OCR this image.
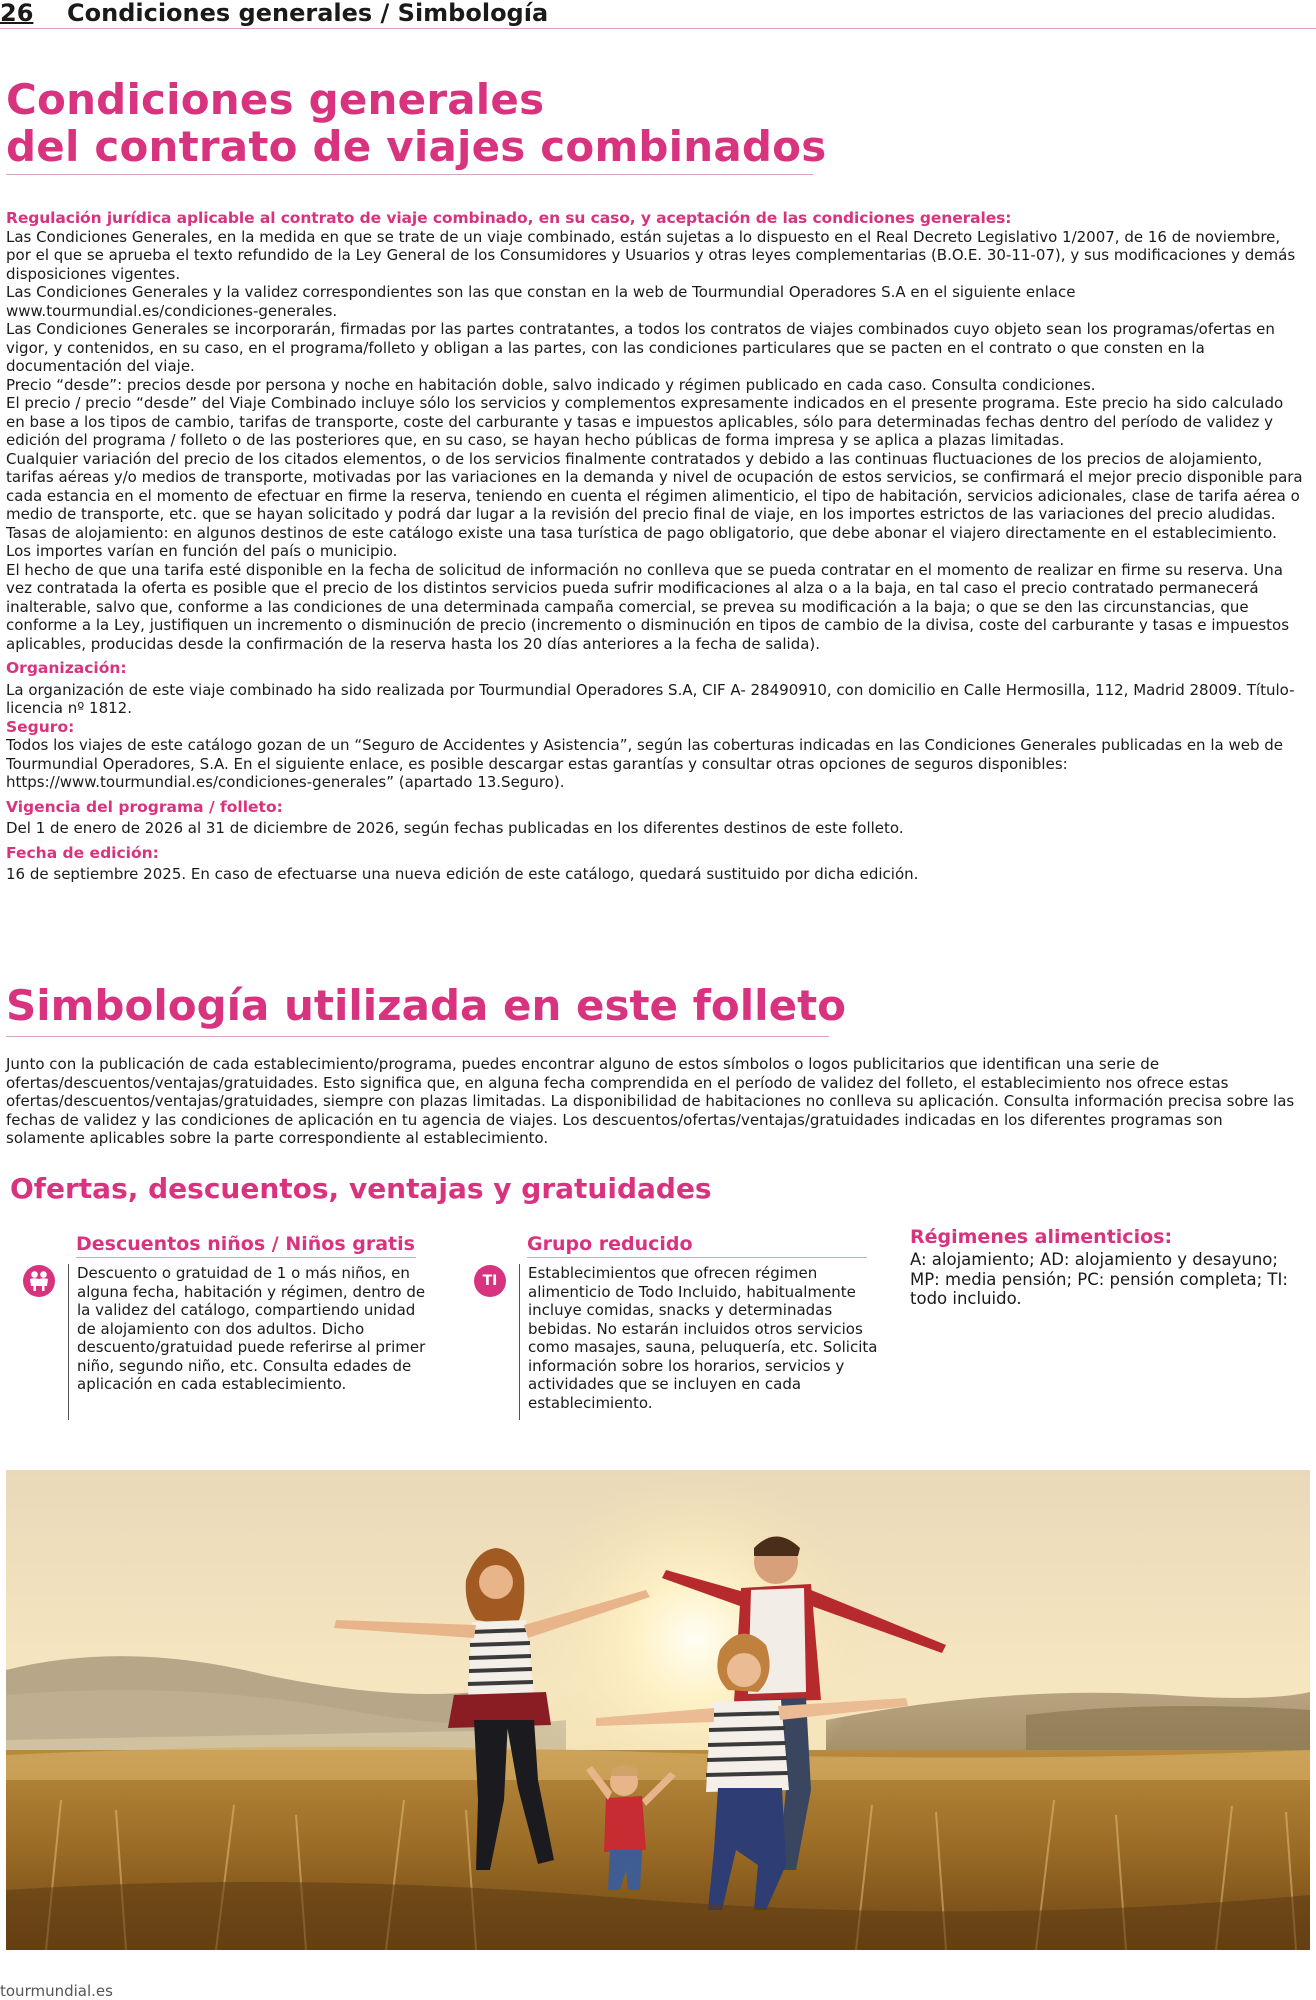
26 Condiciones generales / Simbología
Condiciones generales
del contrato de viajes combinados

Regulación jurídica aplicable al contrato de viaje combinado, en su caso, y aceptación de las condiciones generales:

Las Condiciones Generales, en la medida en que se trate de un viaje combinado, están sujetas a lo dispuesto en el Real Decreto Legislativo 1/2007, de 16 de noviembre, por el que se aprueba el texto refundido de la Ley General de los Consumidores y Usuarios y otras leyes complementarias (B.O.E. 30-11-07), y sus modificaciones y demás disposiciones vigentes.

Las Condiciones Generales y la validez correspondientes son las que constan en la web de Tourmundial Operadores S.A en el siguiente enlace www.tourmundial.es/condiciones-generales.

Las Condiciones Generales se incorporarán, firmadas por las partes contratantes, a todos los contratos de viajes combinados cuyo objeto sean los programas/ofertas en vigor, y contenidos, en su caso, en el programa/folleto y obligan a las partes, con las condiciones particulares que se pacten en el contrato o que consten en la documentación del viaje.

Precio “desde”: precios desde por persona y noche en habitación doble, salvo indicado y régimen publicado en cada caso. Consulta condiciones.

El precio / precio “desde” del Viaje Combinado incluye sólo los servicios y complementos expresamente indicados en el presente programa. Este precio ha sido calculado en base a los tipos de cambio, tarifas de transporte, coste del carburante y tasas e impuestos aplicables, sólo para determinadas fechas dentro del período de validez y edición del programa / folleto o de las posteriores que, en su caso, se hayan hecho públicas de forma impresa y se aplica a plazas limitadas.

Cualquier variación del precio de los citados elementos, o de los servicios finalmente contratados y debido a las continuas fluctuaciones de los precios de alojamiento, tarifas aéreas y/o medios de transporte, motivadas por las variaciones en la demanda y nivel de ocupación de estos servicios, se confirmará el mejor precio disponible para cada estancia en el momento de efectuar en firme la reserva, teniendo en cuenta el régimen alimenticio, el tipo de habitación, servicios adicionales, clase de tarifa aérea o medio de transporte, etc. que se hayan solicitado y podrá dar lugar a la revisión del precio final de viaje, en los importes estrictos de las variaciones del precio aludidas.

Tasas de alojamiento: en algunos destinos de este catálogo existe una tasa turística de pago obligatorio, que debe abonar el viajero directamente en el establecimiento. Los importes varían en función del país o municipio.

El hecho de que una tarifa esté disponible en la fecha de solicitud de información no conlleva que se pueda contratar en el momento de realizar en firme su reserva. Una vez contratada la oferta es posible que el precio de los distintos servicios pueda sufrir modificaciones al alza o a la baja, en tal caso el precio contratado permanecerá inalterable, salvo que, conforme a las condiciones de una determinada campaña comercial, se prevea su modificación a la baja; o que se den las circunstancias, que conforme a la Ley, justifiquen un incremento o disminución de precio (incremento o disminución en tipos de cambio de la divisa, coste del carburante y tasas e impuestos aplicables, producidas desde la confirmación de la reserva hasta los 20 días anteriores a la fecha de salida).

Organización:

La organización de este viaje combinado ha sido realizada por Tourmundial Operadores S.A, CIF A- 28490910, con domicilio en Calle Hermosilla, 112, Madrid 28009. Título-licencia nº 1812.

Seguro:

Todos los viajes de este catálogo gozan de un “Seguro de Accidentes y Asistencia”, según las coberturas indicadas en las Condiciones Generales publicadas en la web de Tourmundial Operadores, S.A. En el siguiente enlace, es posible descargar estas garantías y consultar otras opciones de seguros disponibles: https://www.tourmundial.es/condiciones-generales” (apartado 13.Seguro).

Vigencia del programa / folleto:

Del 1 de enero de 2026 al 31 de diciembre de 2026, según fechas publicadas en los diferentes destinos de este folleto.

Fecha de edición:

16 de septiembre 2025. En caso de efectuarse una nueva edición de este catálogo, quedará sustituido por dicha edición.

Simbología utilizada en este folleto

Junto con la publicación de cada establecimiento/programa, puedes encontrar alguno de estos símbolos o logos publicitarios que identifican una serie de ofertas/descuentos/ventajas/gratuidades. Esto significa que, en alguna fecha comprendida en el período de validez del folleto, el establecimiento nos ofrece estas ofertas/descuentos/ventajas/gratuidades, siempre con plazas limitadas. La disponibilidad de habitaciones no conlleva su aplicación. Consulta información precisa sobre las fechas de validez y las condiciones de aplicación en tu agencia de viajes. Los descuentos/ofertas/ventajas/gratuidades indicadas en los diferentes programas son solamente aplicables sobre la parte correspondiente al establecimiento.

Ofertas, descuentos, ventajas y gratuidades

Descuentos niños / Niños gratis

Descuento o gratuidad de 1 o más niños, en alguna fecha, habitación y régimen, dentro de la validez del catálogo, compartiendo unidad de alojamiento con dos adultos. Dicho descuento/gratuidad puede referirse al primer niño, segundo niño, etc. Consulta edades de aplicación en cada establecimiento.

Grupo reducido

TI	Establecimientos que ofrecen régimen alimenticio de Todo Incluido, habitualmente incluye comidas, snacks y determinadas bebidas. No estarán incluidos otros servicios como masajes, sauna, peluquería, etc. Solicita información sobre los horarios, servicios y actividades que se incluyen en cada establecimiento.

Régimenes alimenticios:

A: alojamiento; AD: alojamiento y desayuno; MP: media pensión; PC: pensión completa; TI: todo incluido.

tourmundial.es
